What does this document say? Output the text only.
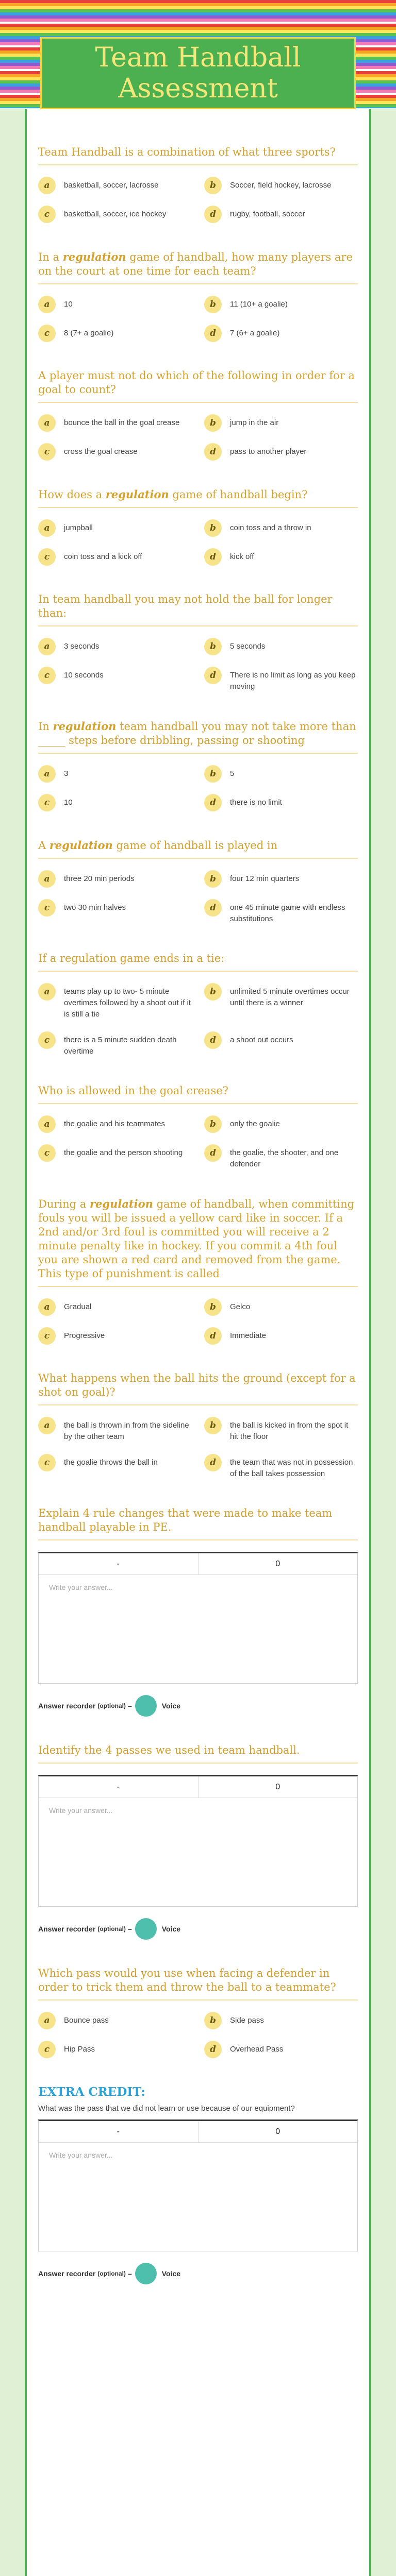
Team Handball Assessment
Team Handball is a combination of what three sports?
a	basketball, soccer, lacrosse	b	Soccer, field hockey, lacrosse
c	basketball, soccer, ice hockey	d	rugby, football, soccer
In a regulation game of handball, how many players are on the court at one time for each team?
a	10	b	11 (10+ a goalie)
c	8 (7+ a goalie)	d	7 (6+ a goalie)
A player must not do which of the following in order for a goal to count?
a	bounce the ball in the goal crease	b	jump in the air
c	cross the goal crease	d	pass to another player
How does a regulation game of handball begin?
a	jumpball	b	coin toss and a throw in
c	coin toss and a kick off	d	kick off
In team handball you may not hold the ball for longer than:
a	3 seconds	b	5 seconds
c	10 seconds	d	There is no limit as long as you keep moving
In regulation team handball you may not take more than _____ steps before dribbling, passing or shooting
a	3	b	5
c	10	d	there is no limit
A regulation game of handball is played in
a	three 20 min periods	b	four 12 min quarters
c	two 30 min halves	d	one 45 minute game with endless substitutions
If a regulation game ends in a tie:
a	teams play up to two- 5 minute overtimes followed by a shoot out if it is still a tie
b	unlimited 5 minute overtimes occur until there is a winner
c	there is a 5 minute sudden death overtime
d	a shoot out occurs
Who is allowed in the goal crease?
a	the goalie and his teammates	b	only the goalie
c	the goalie and the person shooting	d	the goalie, the shooter, and one defender
During a regulation game of handball, when committing fouls you will be issued a yellow card like in soccer. If a 2nd and/or 3rd foul is committed you will receive a 2 minute penalty like in hockey. If you commit a 4th foul you are shown a red card and removed from the game. This type of punishment is called
a	Gradual	b	Gelco
c	Progressive	d	Immediate
What happens when the ball hits the ground (except for a shot on goal)?
a	the ball is thrown in from the sideline by the other team
b	the ball is kicked in from the spot it hit the floor
c	the goalie throws the ball in	d	the team that was not in possession of the ball takes possession
Explain 4 rule changes that were made to make team handball playable in PE.
-	0
Write your answer...
Answer recorder (optional) –	Voice
Identify the 4 passes we used in team handball.
-	0
Write your answer...
Answer recorder (optional) –	Voice
Which pass would you use when facing a defender in order to trick them and throw the ball to a teammate?
a	Bounce pass	b	Side pass
c	Hip Pass	d	Overhead Pass
EXTRA CREDIT:
What was the pass that we did not learn or use because of our equipment?
-	0
Write your answer...
Answer recorder (optional) –	Voice
